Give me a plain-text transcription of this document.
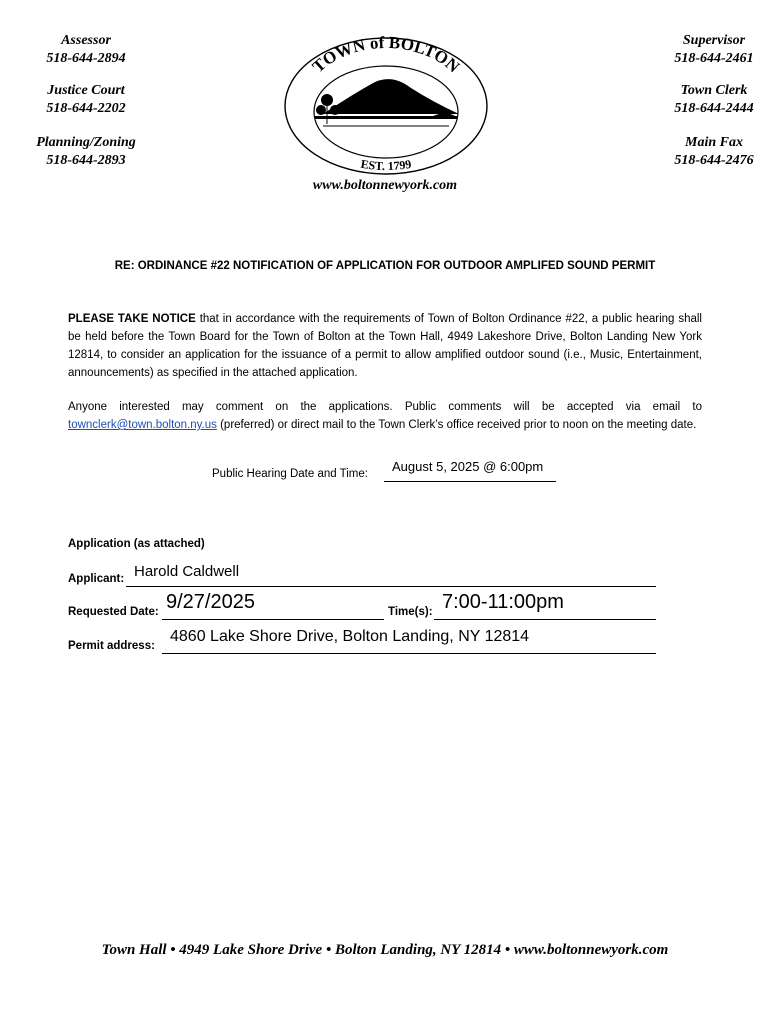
Assessor
518-644-2894
Justice Court
518-644-2202
Planning/Zoning
518-644-2893
Supervisor
518-644-2461
Town Clerk
518-644-2444
Main Fax
518-644-2476
TOWN of BOLTON
EST. 1799
www.boltonnewyork.com
RE: ORDINANCE #22 NOTIFICATION OF APPLICATION FOR OUTDOOR AMPLIFED SOUND PERMIT
PLEASE TAKE NOTICE that in accordance with the requirements of Town of Bolton Ordinance #22, a public hearing shall be held before the Town Board for the Town of Bolton at the Town Hall, 4949 Lakeshore Drive, Bolton Landing New York 12814, to consider an application for the issuance of a permit to allow amplified outdoor sound (i.e., Music, Entertainment, announcements) as specified in the attached application.
Anyone interested may comment on the applications. Public comments will be accepted via email to townclerk@town.bolton.ny.us (preferred) or direct mail to the Town Clerk’s office received prior to noon on the meeting date.
Public Hearing Date and Time: August 5, 2025 @ 6:00pm
Application (as attached)
Applicant: Harold Caldwell
Requested Date: 9/27/2025	Time(s): 7:00-11:00pm
Permit address:
4860 Lake Shore Drive, Bolton Landing, NY 12814
Town Hall • 4949 Lake Shore Drive • Bolton Landing, NY 12814 • www.boltonnewyork.com
